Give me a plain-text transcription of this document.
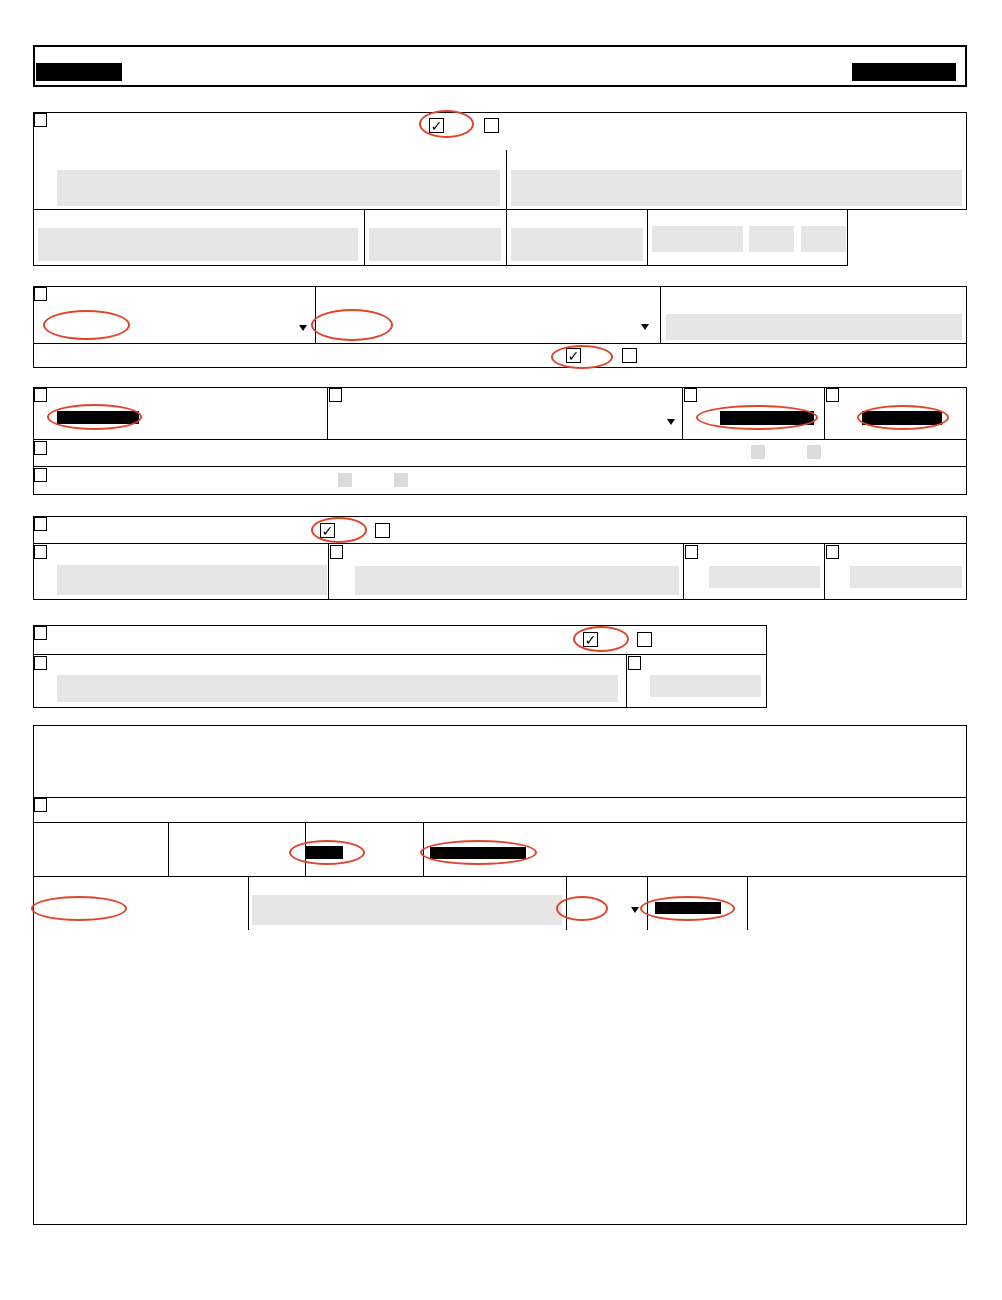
✓
✓
✓
✓
